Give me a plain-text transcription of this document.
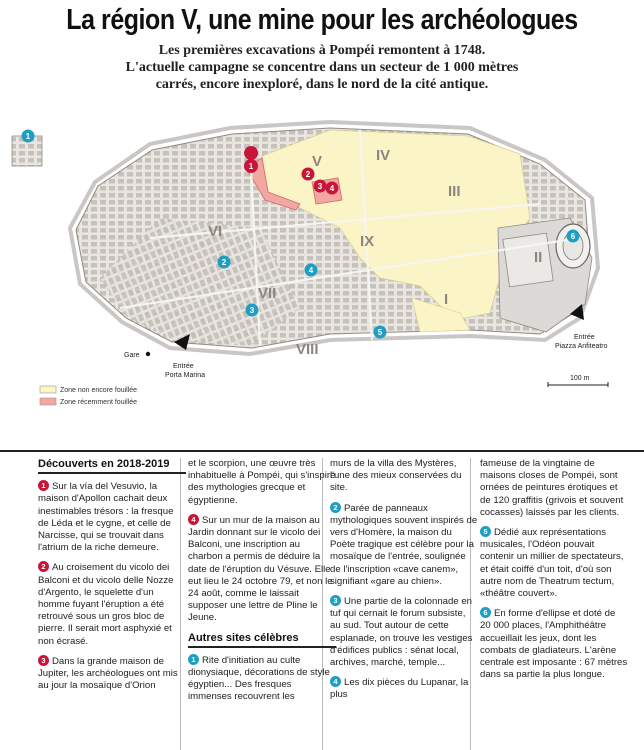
La région V, une mine pour les archéologues
Les premières excavations à Pompéi remontent à 1748.
L'actuelle campagne se concentre dans un secteur de 1 000 mètres
carrés, encore inexploré, dans le nord de la cité antique.
V	IV
III
IX
II
VI
VII
VIII
I
1
2
3 4
1
2
3
4
5
6
Gare
Entrée
Porta Marina
Entrée
Piazza Anfiteatro
100 m
Zone non encore fouillée
Zone récemment fouillée
Découverts en 2018-2019
1 Sur la vía del Vesuvio, la maison d'Apollon cachait deux inestimables trésors : la fresque de Léda et le cygne, et celle de Narcisse, qui se trouvait dans l'atrium de la riche demeure.
2 Au croisement du vicolo dei Balconi et du vicolo delle Nozze d'Argento, le squelette d'un homme fuyant l'éruption a été retrouvé sous un gros bloc de pierre. Il serait mort asphyxié et non écrasé.
3 Dans la grande maison de Jupiter, les archéologues ont mis au jour la mosaïque d'Orion
et le scorpion, une œuvre très inhabituelle à Pompéi, qui s'inspire des mythologies grecque et égyptienne.
4 Sur un mur de la maison au Jardin donnant sur le vicolo dei Balconi, une inscription au charbon a permis de déduire la date de l'éruption du Vésuve. Elle eut lieu le 24 octobre 79, et non le 24 août, comme le laissait supposer une lettre de Pline le Jeune.
Autres sites célèbres
1 Rite d'initiation au culte dionysiaque, décorations de style égyptien... Des fresques immenses recouvrent les
murs de la villa des Mystères, l'une des mieux conservées du site.
2 Parée de panneaux mythologiques souvent inspirés de vers d'Homère, la maison du Poète tragique est célèbre pour la mosaïque de l'entrée, soulignée de l'inscription «cave canem», signifiant «gare au chien».
3 Une partie de la colonnade en tuf qui cernait le forum subsiste, au sud. Tout autour de cette esplanade, on trouve les vestiges d'édifices publics : sénat local, archives, marché, temple...
4 Les dix pièces du Lupanar, la plus
fameuse de la vingtaine de maisons closes de Pompéi, sont ornées de peintures érotiques et de 120 graffitis (grivois et souvent cocasses) laissés par les clients.
5 Dédié aux représentations musicales, l'Odéon pouvait contenir un millier de spectateurs, et était coiffé d'un toit, d'où son autre nom de Theatrum tectum, «théâtre couvert».
6 En forme d'ellipse et doté de 20 000 places, l'Amphithéâtre accueillait les jeux, dont les combats de gladiateurs. L'arène centrale est imposante : 67 mètres dans sa partie la plus longue.
